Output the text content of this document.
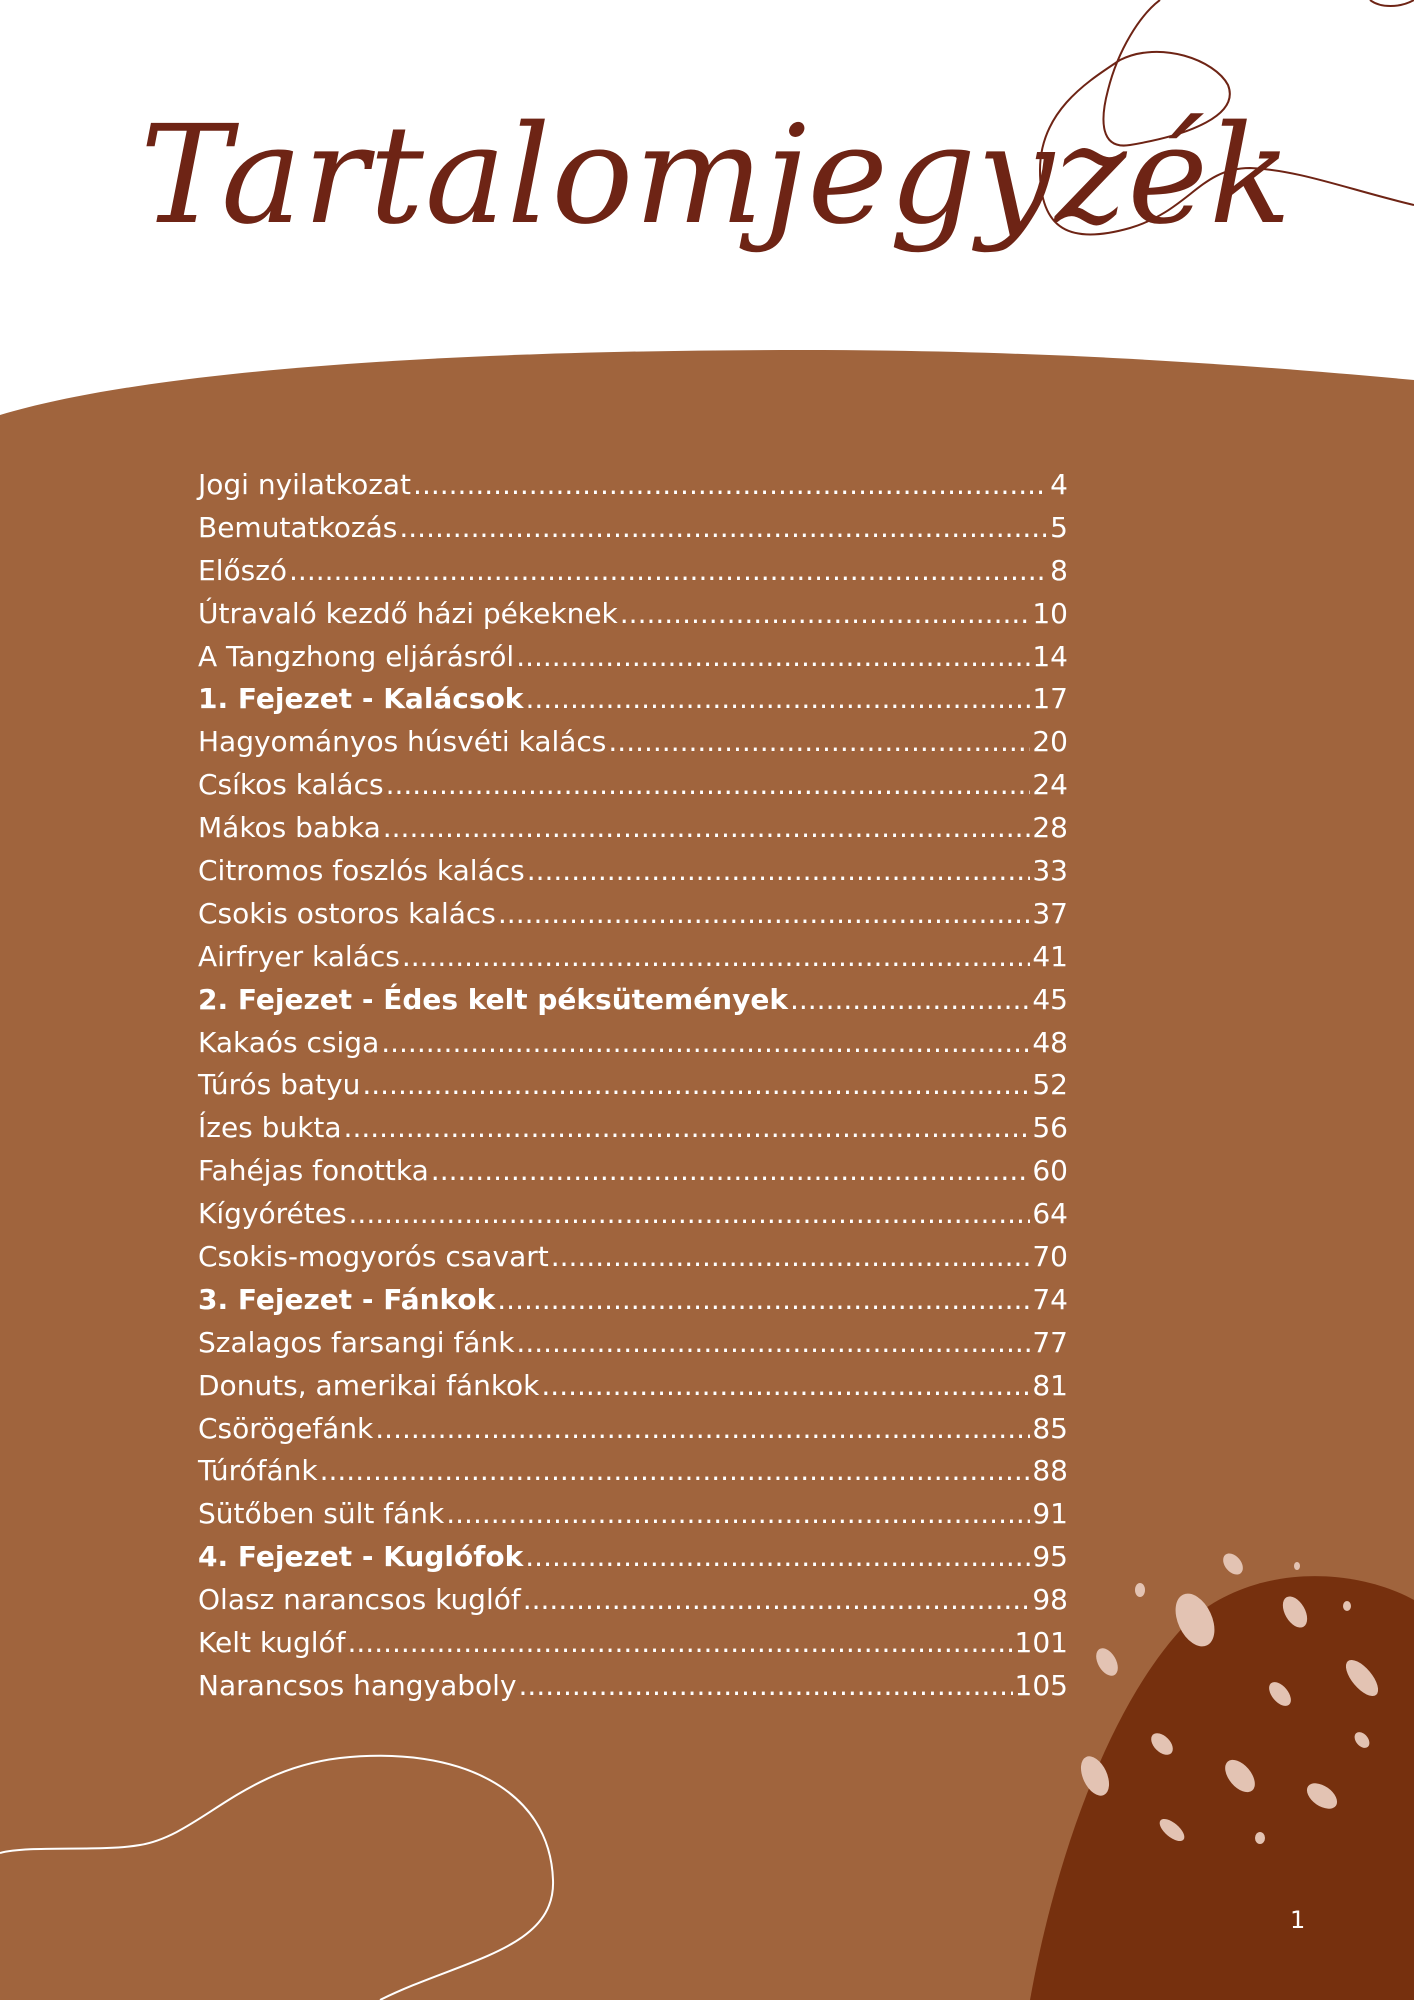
Tartalomjegyzék
Jogi nyilatkozat .....	4
Bemutatkozás .....	5
Előszó .....	8
Útravaló kezdő házi pékeknek .....	10
A Tangzhong eljárásról .....	14
1. Fejezet - Kalácsok .....	17
Hagyományos húsvéti kalács .....	20
Csíkos kalács .....	24
Mákos babka .....	28
Citromos foszlós kalács .....	33
Csokis ostoros kalács .....	37
Airfryer kalács .....	41
2. Fejezet - Édes kelt péksütemények .....	45
Kakaós csiga .....	48
Túrós batyu .....	52
Ízes bukta .....	56
Fahéjas fonottka .....	60
Kígyórétes .....	64
Csokis-mogyorós csavart .....	70
3. Fejezet - Fánkok .....	74
Szalagos farsangi fánk .....	77
Donuts, amerikai fánkok .....	81
Csörögefánk .....	85
Túrófánk .....	88
Sütőben sült fánk .....	91
4. Fejezet - Kuglófok .....	95
Olasz narancsos kuglóf .....	98
Kelt kuglóf .....	101
Narancsos hangyaboly .....	105
1
